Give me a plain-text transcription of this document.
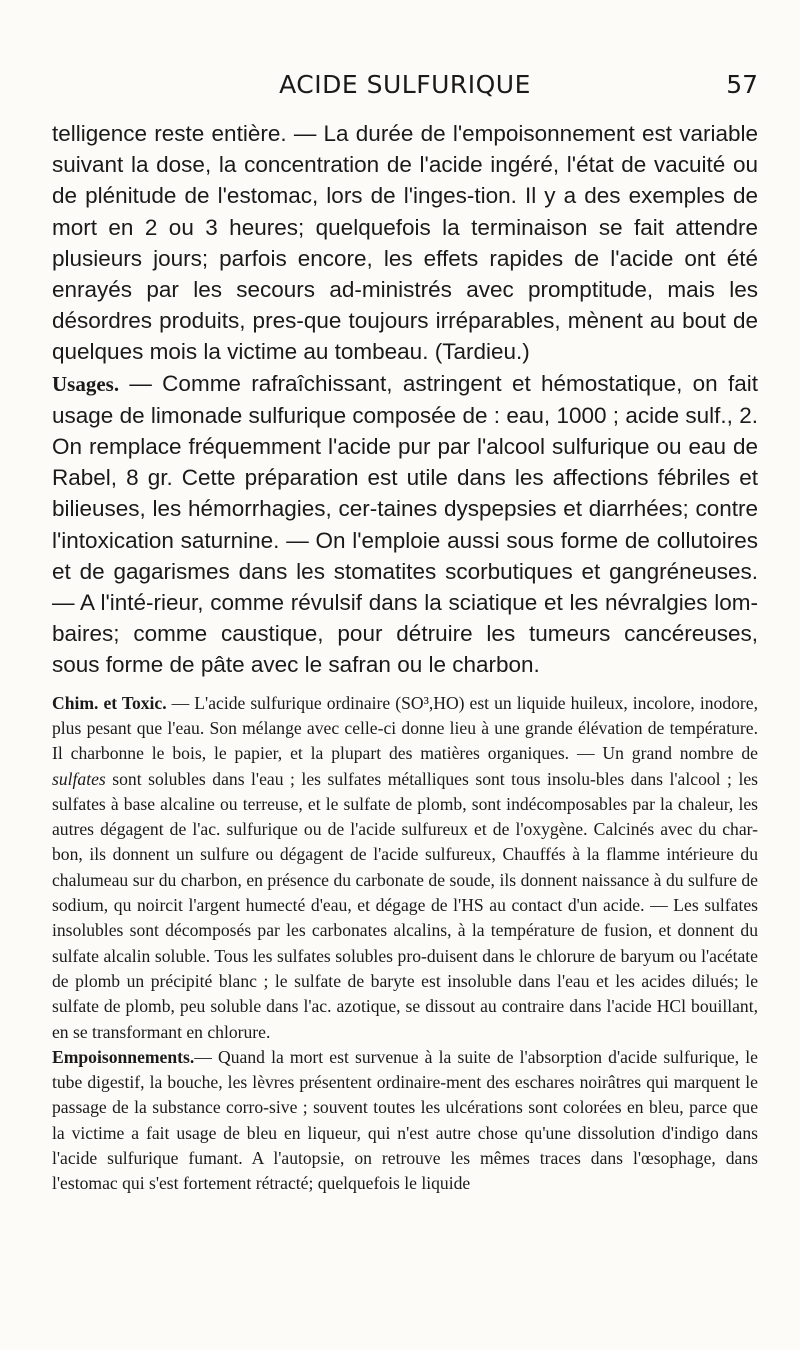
ACIDE SULFURIQUE	57

telligence reste entière. — La durée de l'empoisonnement est variable suivant la dose, la concentration de l'acide ingéré, l'état de vacuité ou de plénitude de l'estomac, lors de l'inges-tion. Il y a des exemples de mort en 2 ou 3 heures; quelquefois la terminaison se fait attendre plusieurs jours; parfois encore, les effets rapides de l'acide ont été enrayés par les secours ad-ministrés avec promptitude, mais les désordres produits, pres-que toujours irréparables, mènent au bout de quelques mois la victime au tombeau. (Tardieu.)

Usages. — Comme rafraîchissant, astringent et hémostatique, on fait usage de limonade sulfurique composée de : eau, 1000 ; acide sulf., 2. On remplace fréquemment l'acide pur par l'alcool sulfurique ou eau de Rabel, 8 gr. Cette préparation est utile dans les affections fébriles et bilieuses, les hémorrhagies, cer-taines dyspepsies et diarrhées; contre l'intoxication saturnine. — On l'emploie aussi sous forme de collutoires et de gagarismes dans les stomatites scorbutiques et gangréneuses. — A l'inté-rieur, comme révulsif dans la sciatique et les névralgies lom-baires; comme caustique, pour détruire les tumeurs cancéreuses, sous forme de pâte avec le safran ou le charbon.

Chim. et Toxic. — L'acide sulfurique ordinaire (SO³,HO) est un liquide huileux, incolore, inodore, plus pesant que l'eau. Son mélange avec celle-ci donne lieu à une grande élévation de température. Il charbonne le bois, le papier, et la plupart des matières organiques. — Un grand nombre de sulfates sont solubles dans l'eau ; les sulfates métalliques sont tous insolu-bles dans l'alcool ; les sulfates à base alcaline ou terreuse, et le sulfate de plomb, sont indécomposables par la chaleur, les autres dégagent de l'ac. sulfurique ou de l'acide sulfureux et de l'oxygène. Calcinés avec du char-bon, ils donnent un sulfure ou dégagent de l'acide sulfureux, Chauffés à la flamme intérieure du chalumeau sur du charbon, en présence du carbonate de soude, ils donnent naissance à du sulfure de sodium, qu noircit l'argent humecté d'eau, et dégage de l'HS au contact d'un acide. — Les sulfates insolubles sont décomposés par les carbonates alcalins, à la température de fusion, et donnent du sulfate alcalin soluble. Tous les sulfates solubles pro-duisent dans le chlorure de baryum ou l'acétate de plomb un précipité blanc ; le sulfate de baryte est insoluble dans l'eau et les acides dilués; le sulfate de plomb, peu soluble dans l'ac. azotique, se dissout au contraire dans l'acide HCl bouillant, en se transformant en chlorure.

Empoisonnements.— Quand la mort est survenue à la suite de l'absorption d'acide sulfurique, le tube digestif, la bouche, les lèvres présentent ordinaire-ment des eschares noirâtres qui marquent le passage de la substance corro-sive ; souvent toutes les ulcérations sont colorées en bleu, parce que la victime a fait usage de bleu en liqueur, qui n'est autre chose qu'une dissolution d'indigo dans l'acide sulfurique fumant. A l'autopsie, on retrouve les mêmes traces dans l'œsophage, dans l'estomac qui s'est fortement rétracté; quelquefois le liquide
